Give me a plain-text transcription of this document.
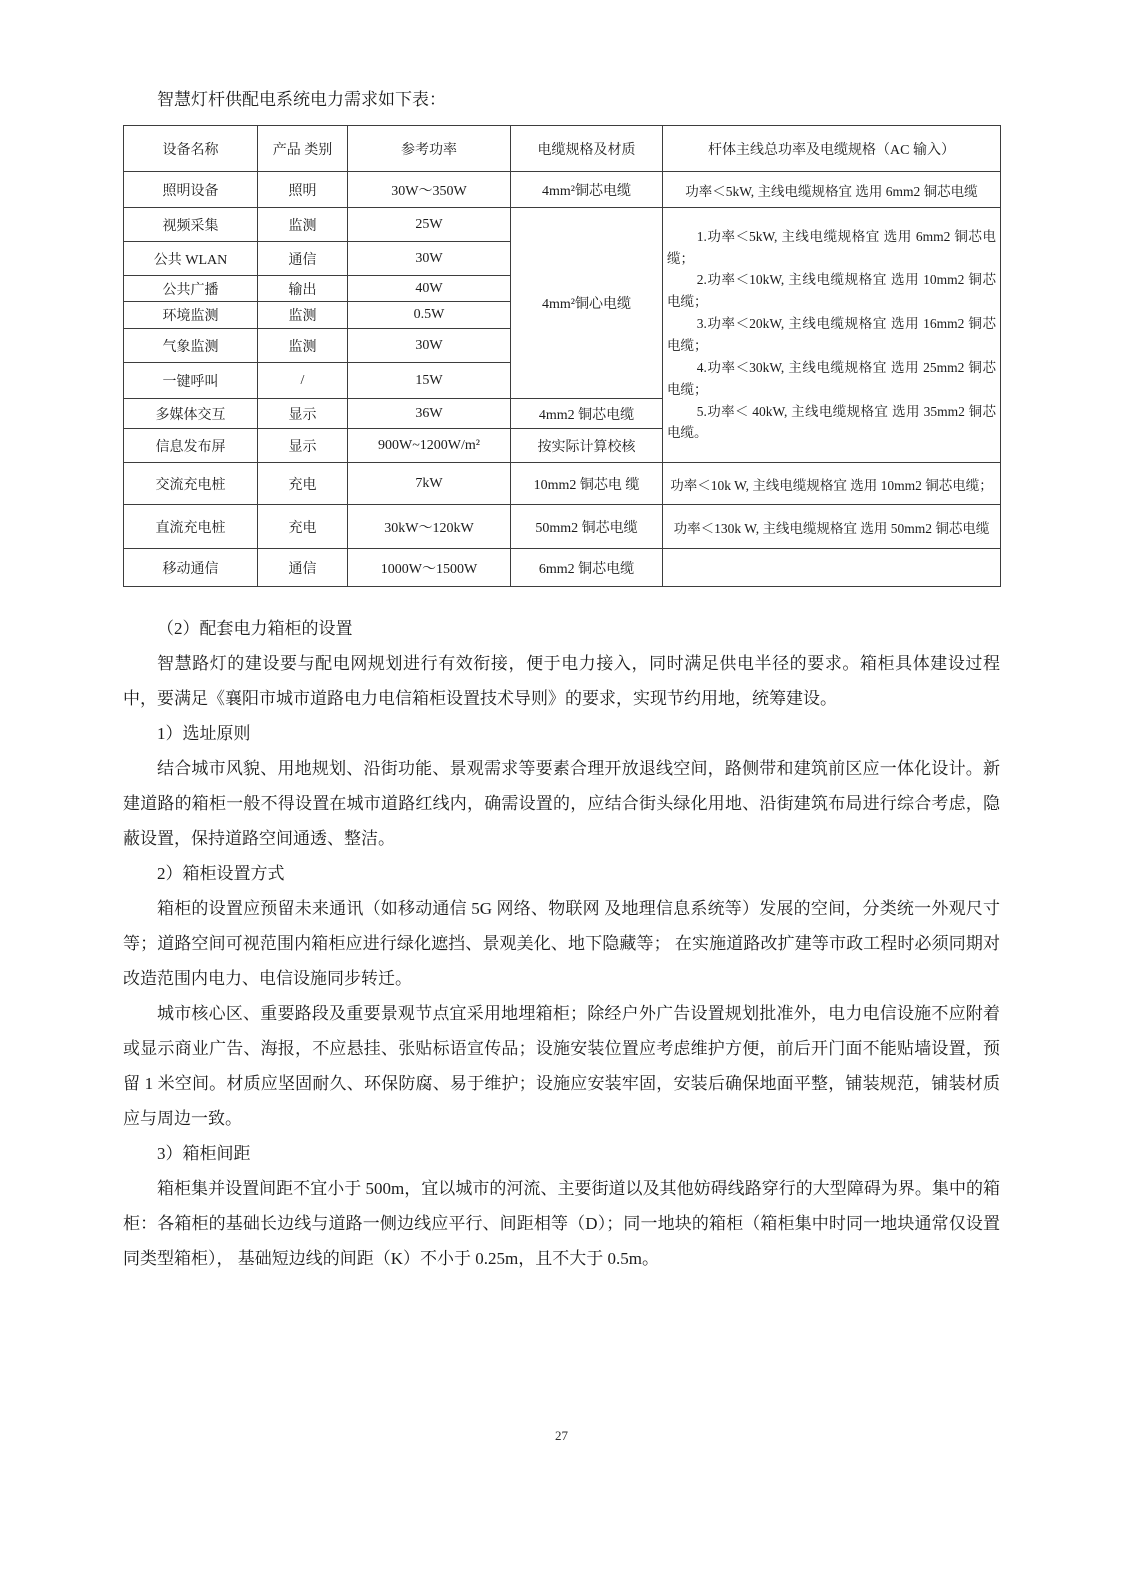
智慧灯杆供配电系统电力需求如下表：

设备名称	产品 类别	参考功率	电缆规格及材质	杆体主线总功率及电缆规格（AC 输入）
照明设备	照明	30W～350W	4mm²铜芯电缆	功率＜5kW, 主线电缆规格宜 选用 6mm2 铜芯电缆
视频采集	监测	25W	4mm²铜心电缆	1.功率＜5kW, 主线电缆规格宜 选用 6mm2 铜芯电缆；
2.功率＜10kW, 主线电缆规格宜 选用 10mm2 铜芯电缆；
3.功率＜20kW, 主线电缆规格宜 选用 16mm2 铜芯电缆；
4.功率＜30kW, 主线电缆规格宜 选用 25mm2 铜芯电缆；
5.功率＜ 40kW, 主线电缆规格宜 选用 35mm2 铜芯电缆。

公共 WLAN	通信	30W		
公共广播	输出	40W		
环境监测	监测	0.5W		
气象监测	监测	30W		
一键呼叫	/	15W		
多媒体交互	显示	36W	4mm2 铜芯电缆	
信息发布屏	显示	900W~1200W/m²	按实际计算校核	
交流充电桩	充电	7kW	10mm2 铜芯电 缆	功率＜10k W, 主线电缆规格宜 选用 10mm2 铜芯电缆；
直流充电桩	充电	30kW～120kW	50mm2 铜芯电缆	功率＜130k W, 主线电缆规格宜 选用 50mm2 铜芯电缆
移动通信	通信	1000W～1500W	6mm2 铜芯电缆	

（2）配套电力箱柜的设置

智慧路灯的建设要与配电网规划进行有效衔接，便于电力接入，同时满足供电半径的要求。箱柜具体建设过程中，要满足《襄阳市城市道路电力电信箱柜设置技术导则》的要求，实现节约用地，统筹建设。

1）选址原则

结合城市风貌、用地规划、沿街功能、景观需求等要素合理开放退线空间，路侧带和建筑前区应一体化设计。新建道路的箱柜一般不得设置在城市道路红线内，确需设置的，应结合街头绿化用地、沿街建筑布局进行综合考虑，隐蔽设置，保持道路空间通透、整洁。

2）箱柜设置方式

箱柜的设置应预留未来通讯（如移动通信 5G 网络、物联网 及地理信息系统等）发展的空间，分类统一外观尺寸等；道路空间可视范围内箱柜应进行绿化遮挡、景观美化、地下隐藏等； 在实施道路改扩建等市政工程时必须同期对改造范围内电力、电信设施同步转迁。

城市核心区、重要路段及重要景观节点宜采用地埋箱柜；除经户外广告设置规划批准外，电力电信设施不应附着或显示商业广告、海报，不应悬挂、张贴标语宣传品；设施安装位置应考虑维护方便，前后开门面不能贴墙设置，预留 1 米空间。材质应坚固耐久、环保防腐、易于维护；设施应安装牢固，安装后确保地面平整，铺装规范，铺装材质应与周边一致。

3）箱柜间距

箱柜集并设置间距不宜小于 500m，宜以城市的河流、主要街道以及其他妨碍线路穿行的大型障碍为界。集中的箱柜：各箱柜的基础长边线与道路一侧边线应平行、间距相等（D）；同一地块的箱柜（箱柜集中时同一地块通常仅设置同类型箱柜）， 基础短边线的间距（K）不小于 0.25m，且不大于 0.5m。

27
